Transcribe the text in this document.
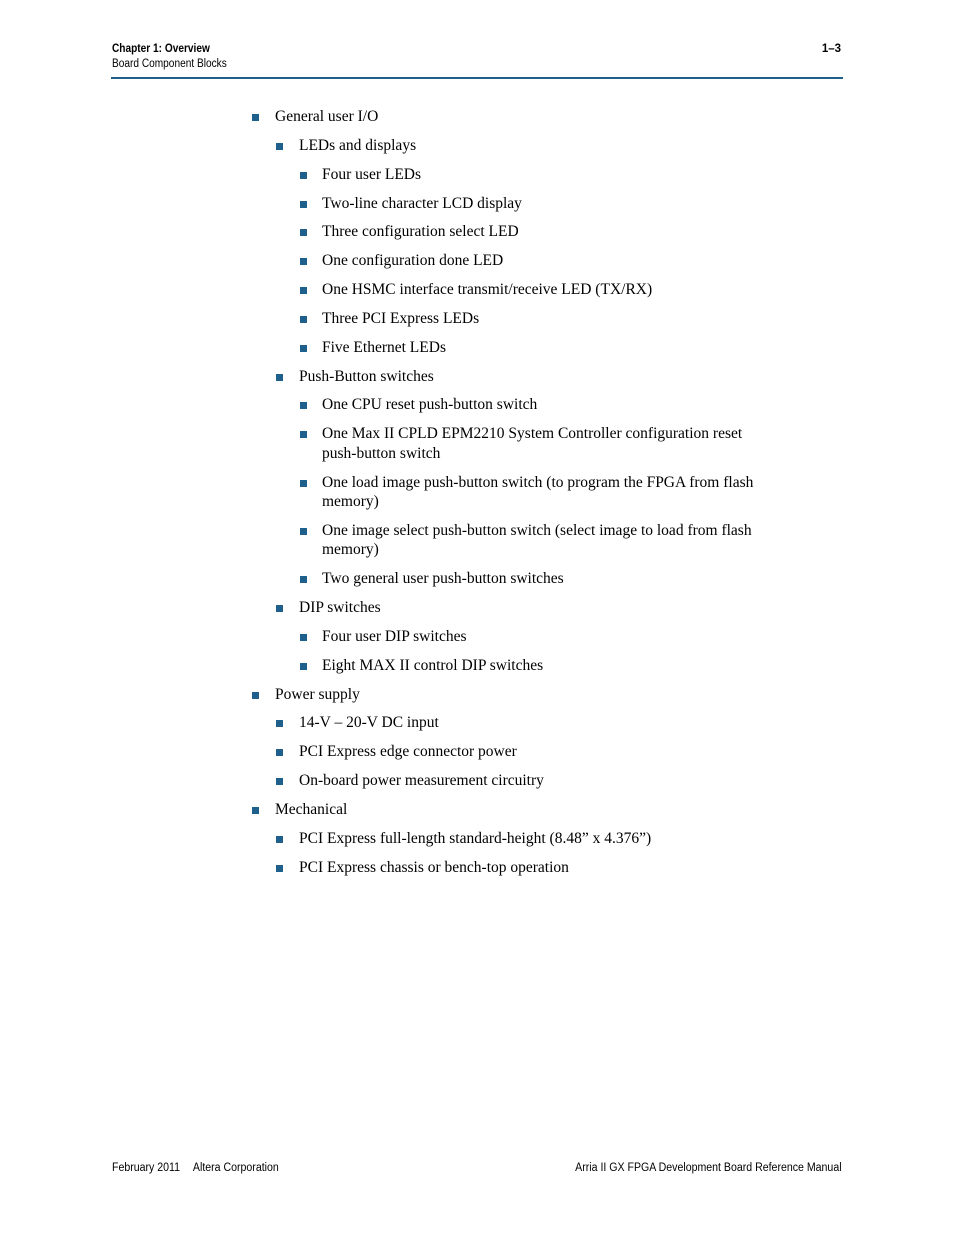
Chapter 1: Overview
Board Component Blocks
1–3
General user I/O
LEDs and displays
Four user LEDs
Two-line character LCD display
Three configuration select LED
One configuration done LED
One HSMC interface transmit/receive LED (TX/RX)
Three PCI Express LEDs
Five Ethernet LEDs
Push-Button switches
One CPU reset push-button switch
One Max II CPLD EPM2210 System Controller configuration reset
push-button switch
One load image push-button switch (to program the FPGA from flash
memory)
One image select push-button switch (select image to load from flash
memory)
Two general user push-button switches
DIP switches
Four user DIP switches
Eight MAX II control DIP switches
Power supply
14-V – 20-V DC input
PCI Express edge connector power
On-board power measurement circuitry
Mechanical
PCI Express full-length standard-height (8.48” x 4.376”)
PCI Express chassis or bench-top operation
February 2011 Altera Corporation	Arria II GX FPGA Development Board Reference Manual
